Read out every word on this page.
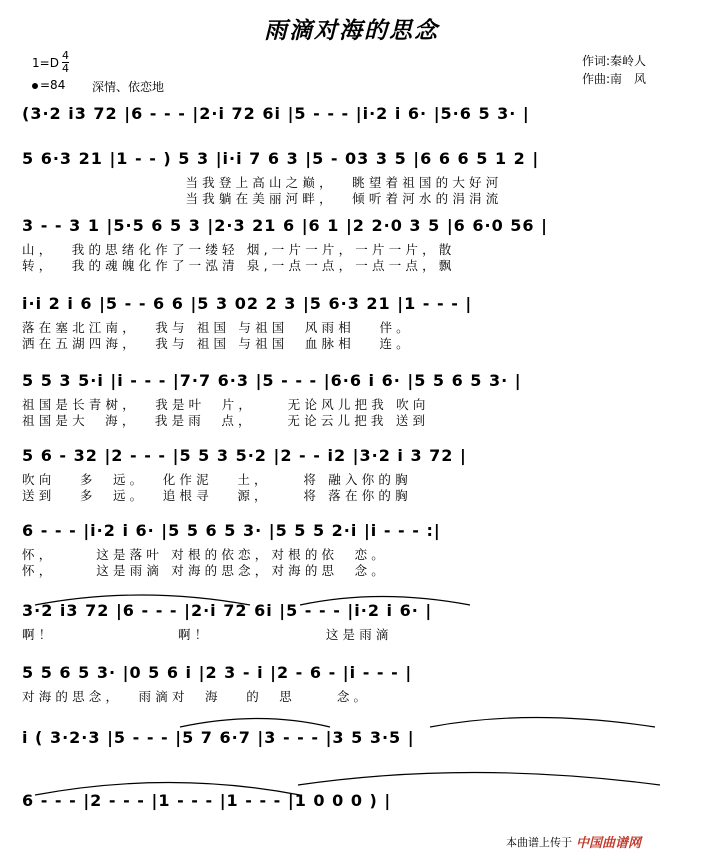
雨滴对海的思念
$1=D \frac{4}{4}$
=84 深情、依恋地
作词:秦岭人
作曲:南　风
(3·2 i3 72 |6 - - - |2·i 72 6i |5 - - - |i·2 i 6· |5·6 5 3· |
5 6·3 21 |1 - - ) 5 3 |i·i 7 6 3 |5 - 03 3 5 |6 6 6 5 1 2 |
当我登上高山之巅，  眺望着祖国的大好河
当我躺在美丽河畔，  倾听着河水的涓涓流
3 - - 3 1 |5·5 6 5 3 |2·3 21 6 |6 1 |2 2·0 3 5 |6 6·0 56 |
山，  我的思绪化作了一缕轻 烟,一片一片，一片一片，散
转，  我的魂魄化作了一泓清 泉,一点一点，一点一点，飘
i·i 2 i 6 |5 - - 6 6 |5 3 02 2 3 |5 6·3 21 |1 - - - |
落在塞北江南，  我与 祖国 与祖国  风雨相   伴。
洒在五湖四海，  我与 祖国 与祖国  血脉相   连。
5 5 3 5·i |i - - - |7·7 6·3 |5 - - - |6·6 i 6· |5 5 6 5 3· |
祖国是长青树，  我是叶  片，    无论风儿把我 吹向
祖国是大  海，  我是雨  点，    无论云儿把我 送到
5 6 - 32 |2 - - - |5 5 3 5·2 |2 - - i2 |3·2 i 3 72 |
吹向   多  远。  化作泥   土，    将 融入你的胸
送到   多  远。  追根寻   源，    将 落在你的胸
6 - - - |i·2 i 6· |5 5 6 5 3· |5 5 5 2·i |i - - - :|
怀，     这是落叶 对根的依恋，对根的依  恋。
怀，     这是雨滴 对海的思念，对海的思  念。
3·2 i3 72 |6 - - - |2·i 72 6i |5 - - - |i·2 i 6· |
啊！               啊！              这是雨滴
5 5 6 5 3· |0 5 6 i |2 3 - i |2 - 6 - |i - - - |
对海的思念，  雨滴对  海   的  思     念。
i ( 3·2·3 |5 - - - |5 7 6·7 |3 - - - |3 5 3·5 |
6 - - - |2 - - - |1 - - - |1 - - - |1 0 0 0 ) |
本曲谱上传于 中国曲谱网
